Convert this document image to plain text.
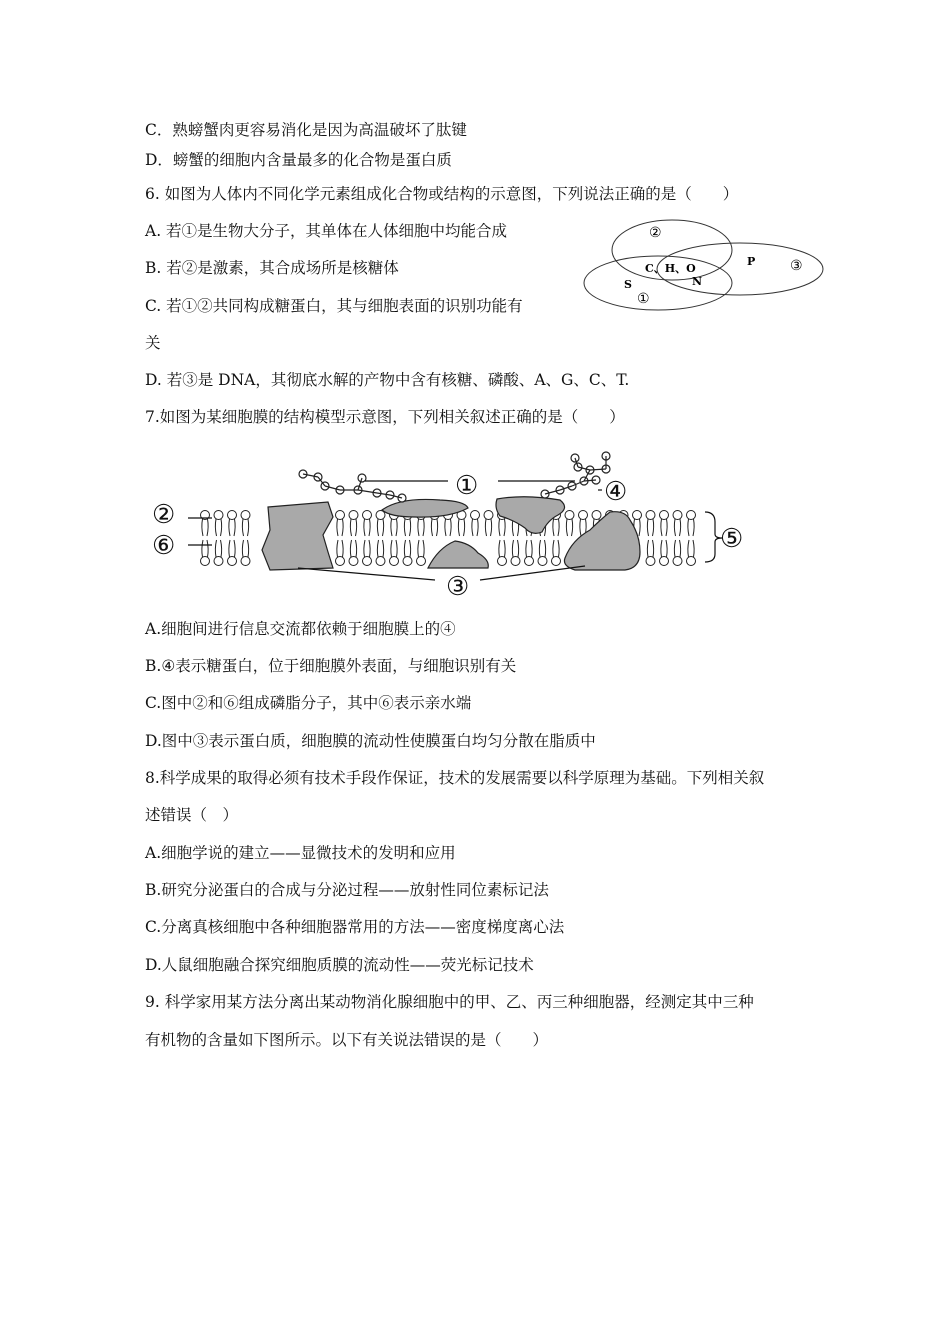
C．熟螃蟹肉更容易消化是因为高温破坏了肽键
D．螃蟹的细胞内含量最多的化合物是蛋白质
6. 如图为人体内不同化学元素组成化合物或结构的示意图，下列说法正确的是（　　）
A. 若①是生物大分子，其单体在人体细胞中均能合成
B. 若②是激素，其合成场所是核糖体
C. 若①②共同构成糖蛋白，其与细胞表面的识别功能有
关
D. 若③是 DNA，其彻底水解的产物中含有核糖、磷酸、A、G、C、T.
②
③
①
C、H、O
N
P
S
7.如图为某细胞膜的结构模型示意图，下列相关叙述正确的是（　　）
①	④
②
⑥	⑤
③
A.细胞间进行信息交流都依赖于细胞膜上的④
B.④表示糖蛋白，位于细胞膜外表面，与细胞识别有关
C.图中②和⑥组成磷脂分子，其中⑥表示亲水端
D.图中③表示蛋白质，细胞膜的流动性使膜蛋白均匀分散在脂质中
8.科学成果的取得必须有技术手段作保证，技术的发展需要以科学原理为基础。下列相关叙
述错误（　）
A.细胞学说的建立——显微技术的发明和应用
B.研究分泌蛋白的合成与分泌过程——放射性同位素标记法
C.分离真核细胞中各种细胞器常用的方法——密度梯度离心法
D.人鼠细胞融合探究细胞质膜的流动性——荧光标记技术
9. 科学家用某方法分离出某动物消化腺细胞中的甲、乙、丙三种细胞器，经测定其中三种
有机物的含量如下图所示。以下有关说法错误的是（　　）
